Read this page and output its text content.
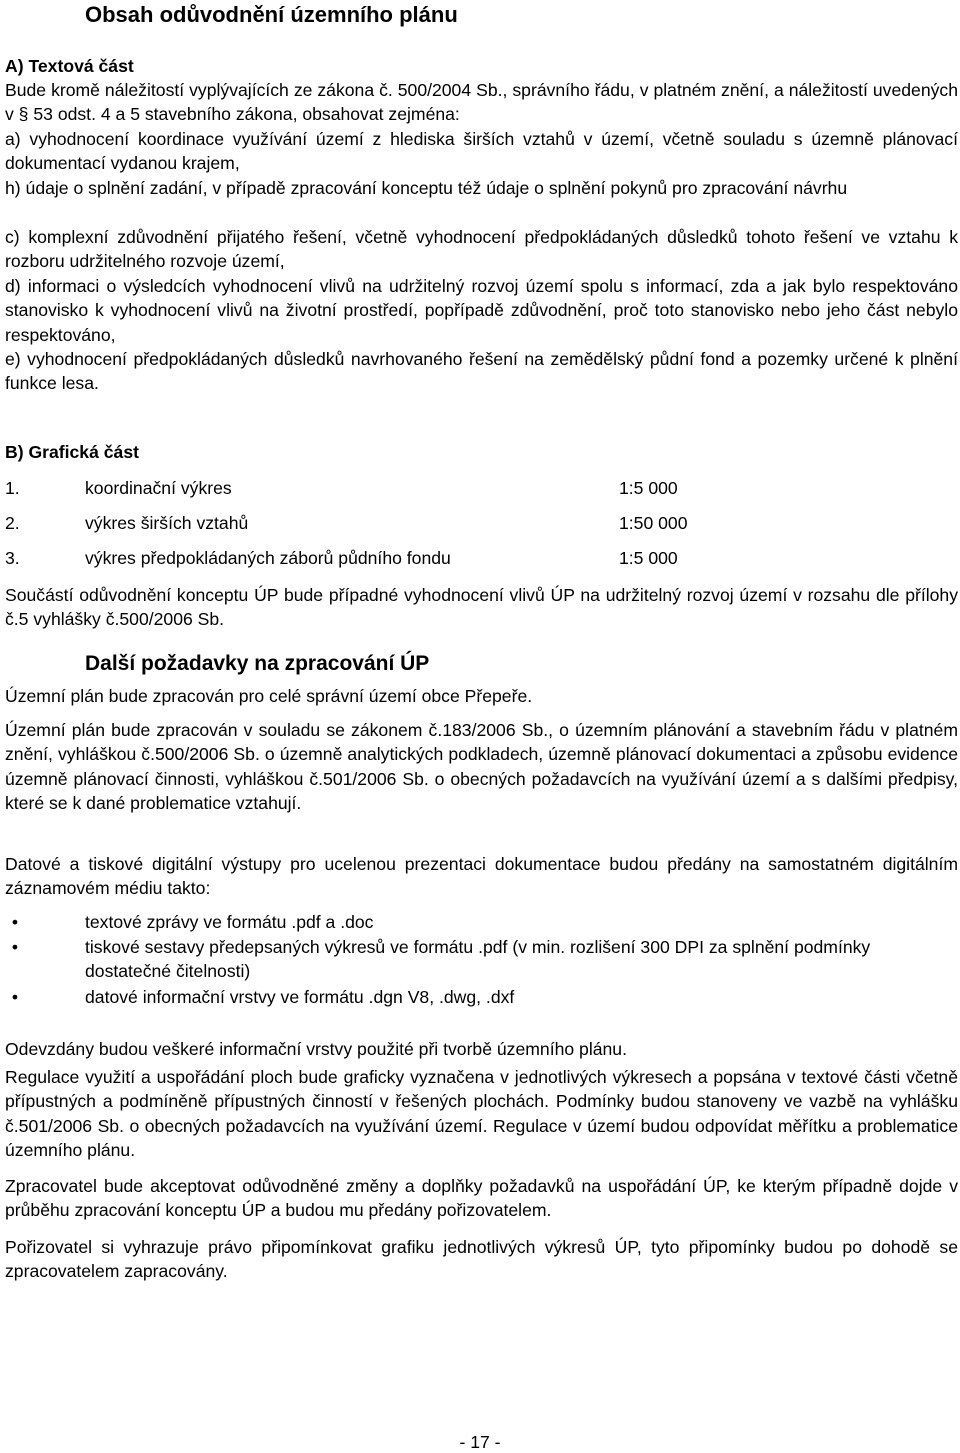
Obsah odůvodnění územního plánu
A) Textová část
Bude kromě náležitostí vyplývajících ze zákona č. 500/2004 Sb., správního řádu, v platném znění, a náležitostí uvedených v § 53 odst. 4 a 5 stavebního zákona, obsahovat zejména:
a) vyhodnocení koordinace využívání území z hlediska širších vztahů v území, včetně souladu s územně plánovací dokumentací vydanou krajem,
h) údaje o splnění zadání, v případě zpracování konceptu též údaje o splnění pokynů pro zpracování návrhu
c) komplexní zdůvodnění přijatého řešení, včetně vyhodnocení předpokládaných důsledků tohoto řešení ve vztahu k rozboru udržitelného rozvoje území,
d) informaci o výsledcích vyhodnocení vlivů na udržitelný rozvoj území spolu s informací, zda a jak bylo respektováno stanovisko k vyhodnocení vlivů na životní prostředí, popřípadě zdůvodnění, proč toto stanovisko nebo jeho část nebylo respektováno,
e) vyhodnocení předpokládaných důsledků navrhovaného řešení na zemědělský půdní fond a pozemky určené k plnění funkce lesa.
B) Grafická část
1.	koordinační výkres	1:5 000
2.	výkres širších vztahů	1:50 000
3.	výkres předpokládaných záborů půdního fondu	1:5 000
Součástí odůvodnění konceptu ÚP bude případné vyhodnocení vlivů ÚP na udržitelný rozvoj území v rozsahu dle přílohy č.5 vyhlášky č.500/2006 Sb.
Další požadavky na zpracování ÚP
Územní plán bude zpracován pro celé správní území obce Přepeře.
Územní plán bude zpracován v souladu se zákonem č.183/2006 Sb., o územním plánování a stavebním řádu v platném znění, vyhláškou č.500/2006 Sb. o územně analytických podkladech, územně plánovací dokumentaci a způsobu evidence územně plánovací činnosti, vyhláškou č.501/2006 Sb. o obecných požadavcích na využívání území a s dalšími předpisy, které se k dané problematice vztahují.
Datové a tiskové digitální výstupy pro ucelenou prezentaci dokumentace budou předány na samostatném digitálním záznamovém médiu takto:
•	textové zprávy ve formátu .pdf a .doc
•	tiskové sestavy předepsaných výkresů ve formátu .pdf (v min. rozlišení 300 DPI za splnění podmínky dostatečné čitelnosti)
•	datové informační vrstvy ve formátu .dgn V8, .dwg, .dxf
Odevzdány budou veškeré informační vrstvy použité při tvorbě územního plánu.
Regulace využití a uspořádání ploch bude graficky vyznačena v jednotlivých výkresech a popsána v textové části včetně přípustných a podmíněně přípustných činností v řešených plochách. Podmínky budou stanoveny ve vazbě na vyhlášku č.501/2006 Sb. o obecných požadavcích na využívání území. Regulace v území budou odpovídat měřítku a problematice územního plánu.
Zpracovatel bude akceptovat odůvodněné změny a doplňky požadavků na uspořádání ÚP, ke kterým případně dojde v průběhu zpracování konceptu ÚP a budou mu předány pořizovatelem.
Pořizovatel si vyhrazuje právo připomínkovat grafiku jednotlivých výkresů ÚP, tyto připomínky budou po dohodě se zpracovatelem zapracovány.
- 17 -
